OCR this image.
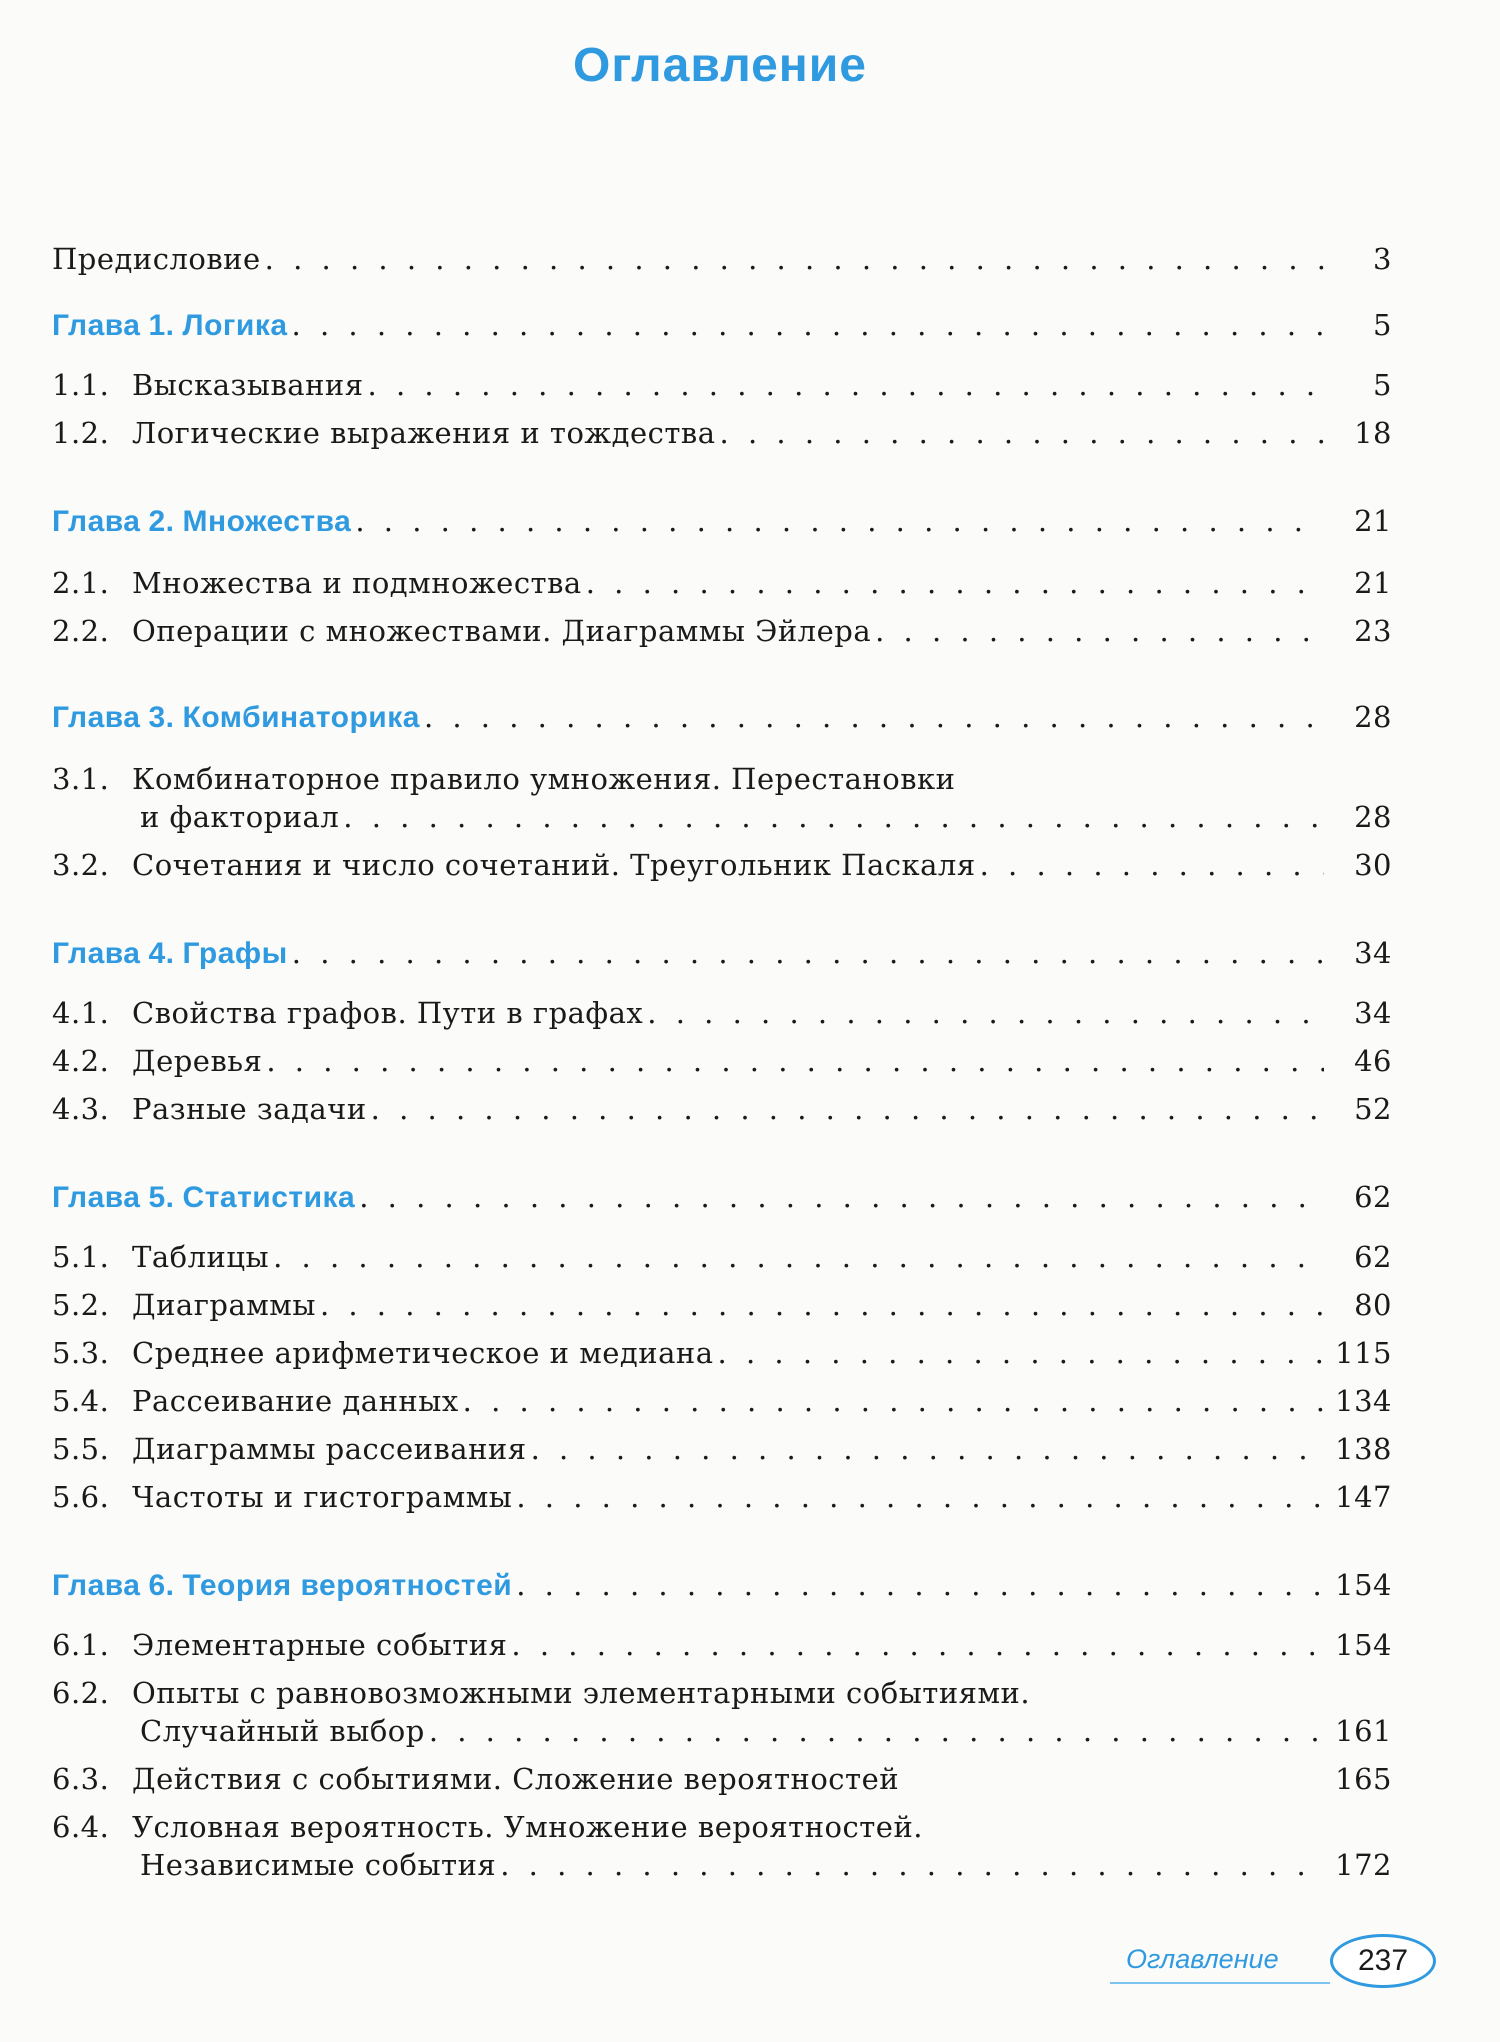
Оглавление
Предисловие . . .	3
Глава 1. Логика . . .	5
1.1. Высказывания . . .	5
1.2. Логические выражения и тождества . . .	18
Глава 2. Множества . . .	21
2.1. Множества и подмножества . . .	21
2.2. Операции с множествами. Диаграммы Эйлера . . .	23
Глава 3. Комбинаторика . . .	28
3.1. Комбинаторное правило умножения. Перестановки
и факториал . . .	28
3.2. Сочетания и число сочетаний. Треугольник Паскаля . . .	30
Глава 4. Графы . . .	34
4.1. Свойства графов. Пути в графах . . .	34
4.2. Деревья . . .	46
4.3. Разные задачи . . .	52
Глава 5. Статистика . . .	62
5.1. Таблицы . . .	62
5.2. Диаграммы . . .	80
5.3. Среднее арифметическое и медиана . . .	115
5.4. Рассеивание данных . . .	134
5.5. Диаграммы рассеивания . . .	138
5.6. Частоты и гистограммы . . .	147
Глава 6. Теория вероятностей . . .	154
6.1. Элементарные события . . .	154
6.2. Опыты с равновозможными элементарными событиями.
Случайный выбор . . .	161
6.3. Действия с событиями. Сложение вероятностей	165
6.4. Условная вероятность. Умножение вероятностей.
Независимые события . . .	172
Оглавление	237
